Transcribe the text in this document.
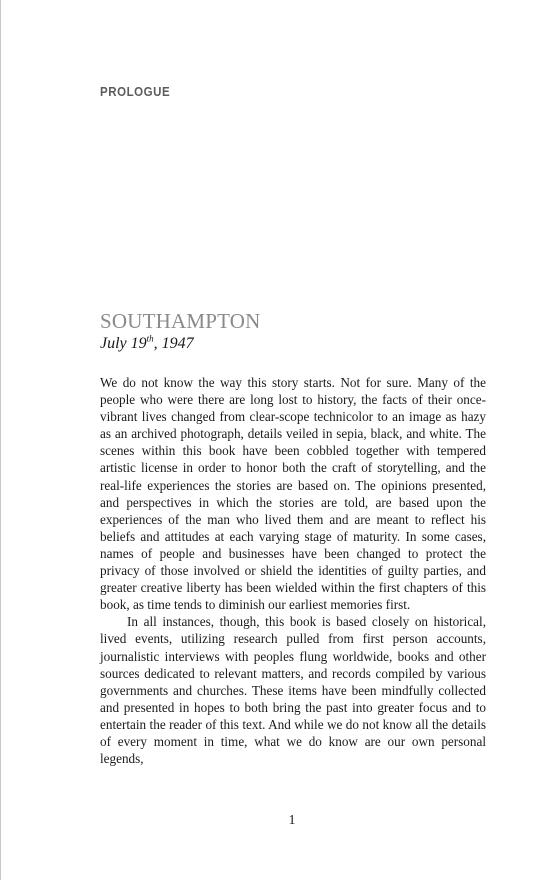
PROLOGUE
SOUTHAMPTON
July 19th, 1947

We do not know the way this story starts. Not for sure. Many of the people who were there are long lost to history, the facts of their once-vibrant lives changed from clear-scope technicolor to an image as hazy as an archived photograph, details veiled in sepia, black, and white. The scenes within this book have been cobbled together with tempered artistic license in order to honor both the craft of storytelling, and the real-life experiences the stories are based on. The opinions presented, and perspectives in which the stories are told, are based upon the experiences of the man who lived them and are meant to reflect his beliefs and attitudes at each varying stage of maturity. In some cases, names of people and businesses have been changed to protect the privacy of those involved or shield the identities of guilty parties, and greater creative liberty has been wielded within the first chapters of this book, as time tends to diminish our earliest memories first.

In all instances, though, this book is based closely on historical, lived events, utilizing research pulled from first person accounts, journalistic interviews with peoples flung worldwide, books and other sources dedicated to relevant matters, and records compiled by various governments and churches. These items have been mindfully collected and presented in hopes to both bring the past into greater focus and to entertain the reader of this text. And while we do not know all the details of every moment in time, what we do know are our own personal legends,

1
